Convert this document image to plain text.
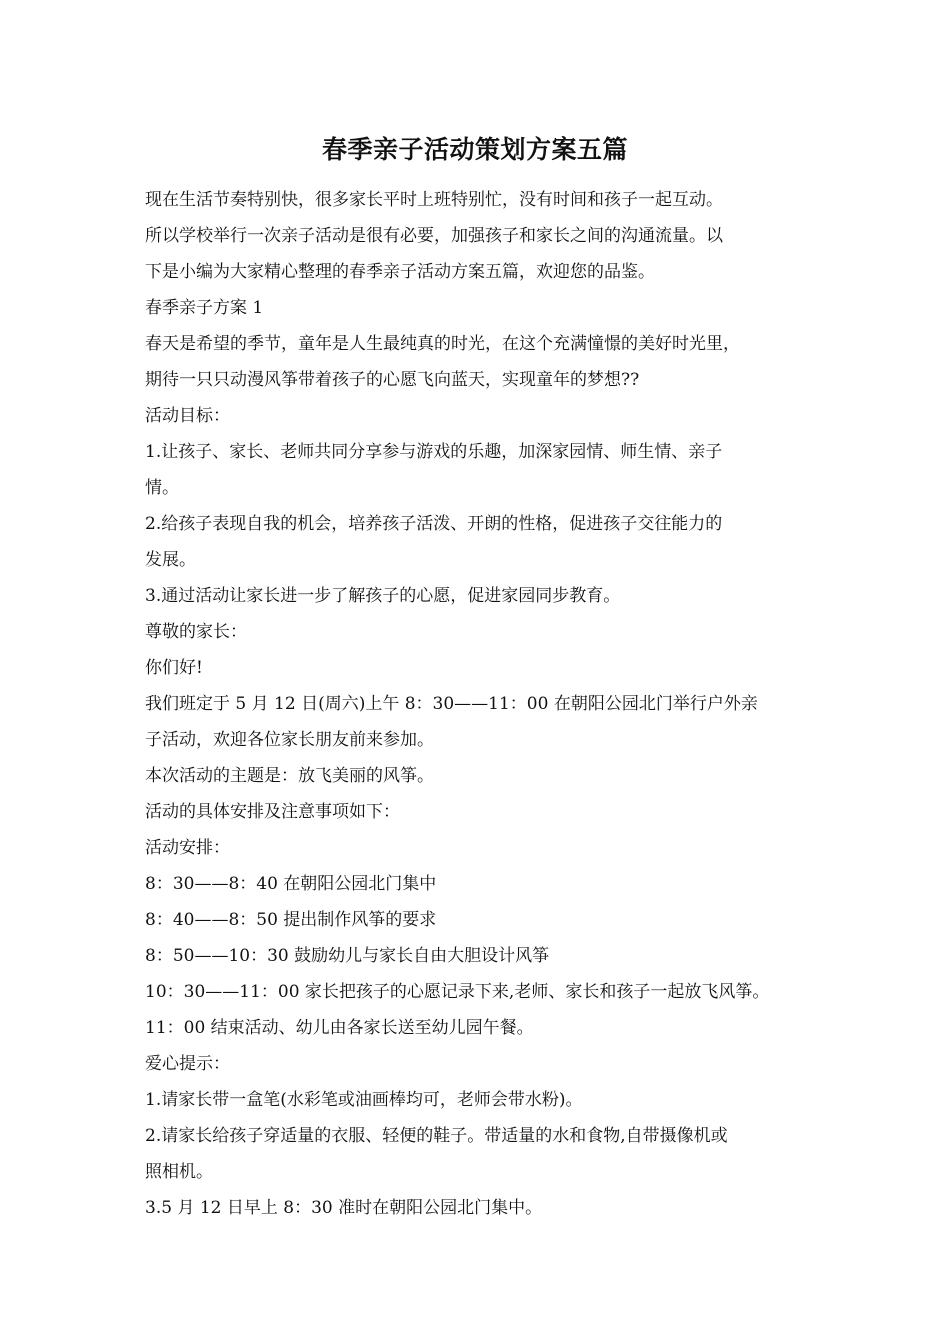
春季亲子活动策划方案五篇

现在生活节奏特别快，很多家长平时上班特别忙，没有时间和孩子一起互动。

所以学校举行一次亲子活动是很有必要，加强孩子和家长之间的沟通流量。以

下是小编为大家精心整理的春季亲子活动方案五篇，欢迎您的品鉴。

春季亲子方案 1

春天是希望的季节，童年是人生最纯真的时光，在这个充满憧憬的美好时光里，

期待一只只动漫风筝带着孩子的心愿飞向蓝天，实现童年的梦想??

活动目标：

1.让孩子、家长、老师共同分享参与游戏的乐趣，加深家园情、师生情、亲子

情。

2.给孩子表现自我的机会，培养孩子活泼、开朗的性格，促进孩子交往能力的

发展。

3.通过活动让家长进一步了解孩子的心愿，促进家园同步教育。

尊敬的家长：

你们好!

我们班定于 5 月 12 日(周六)上午 8：30——11：00 在朝阳公园北门举行户外亲

子活动，欢迎各位家长朋友前来参加。

本次活动的主题是：放飞美丽的风筝。

活动的具体安排及注意事项如下：

活动安排：

8：30——8：40 在朝阳公园北门集中

8：40——8：50 提出制作风筝的要求

8：50——10：30 鼓励幼儿与家长自由大胆设计风筝

10：30——11：00 家长把孩子的心愿记录下来,老师、家长和孩子一起放飞风筝。

11：00 结束活动、幼儿由各家长送至幼儿园午餐。

爱心提示：

1.请家长带一盒笔(水彩笔或油画棒均可，老师会带水粉)。

2.请家长给孩子穿适量的衣服、轻便的鞋子。带适量的水和食物,自带摄像机或

照相机。

3.5 月 12 日早上 8：30 准时在朝阳公园北门集中。
